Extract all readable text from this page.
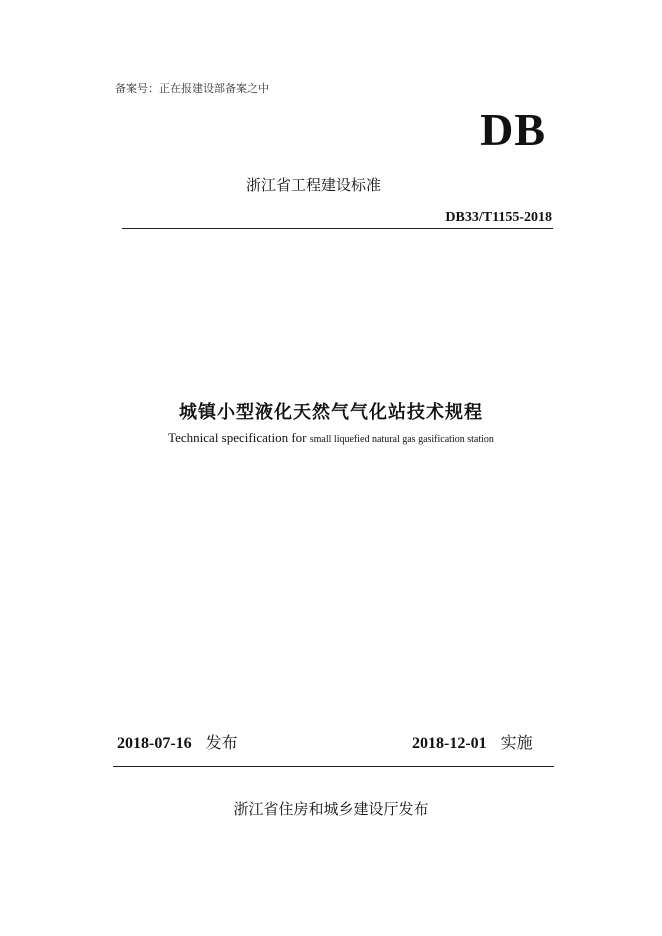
备案号：正在报建设部备案之中
DB
浙江省工程建设标准
DB33/T1155-2018
城镇小型液化天然气气化站技术规程
Technical specification for small liquefied natural gas gasification station
2018-07-16 发布	2018-12-01 实施
浙江省住房和城乡建设厅发布
